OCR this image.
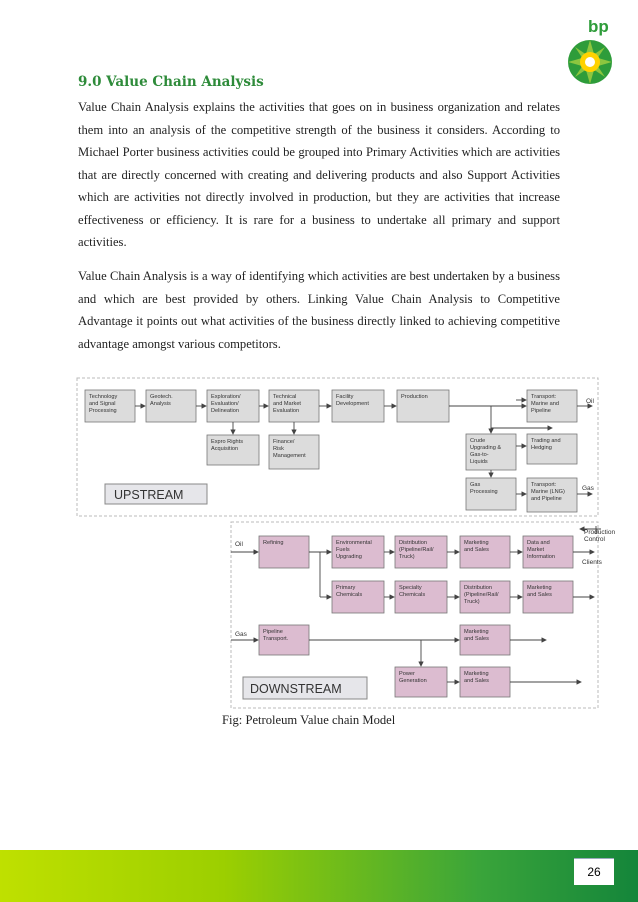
bp
9.0 Value Chain Analysis

Value Chain Analysis explains the activities that goes on in business organization and relates them into an analysis of the competitive strength of the business it considers. According to Michael Porter business activities could be grouped into Primary Activities which are activities that are directly concerned with creating and delivering products and also Support Activities which are activities not directly involved in production, but they are activities that increase effectiveness or efficiency. It is rare for a business to undertake all primary and support activities.

Value Chain Analysis is a way of identifying which activities are best undertaken by a business and which are best provided by others. Linking Value Chain Analysis to Competitive Advantage it points out what activities of the business directly linked to achieving competitive advantage amongst various competitors.

Technology and Signal Processing
Geotech. Analysis
Exploration/ Evaluation/ Delineation
Technical and Market Evaluation
Facility Development
Production	Transport: Marine and Pipeline
Expro Rights Acquisition
Finance/ Risk Management
Crude Upgrading & Gas-to-Liquids
Trading and Hedging
Gas Processing
Transport: Marine (LNG) and Pipeline
UPSTREAM
Oil
Gas
Oil
Gas
Refining	Environmental Fuels Upgrading
Distribution (Pipeline/Rail/ Truck)
Marketing and Sales
Data and Market Information
Primary Chemicals
Specialty Chemicals
Distribution (Pipeline/Rail/ Truck)
Marketing and Sales
Pipeline Transport.
Marketing and Sales
Power Generation
Marketing and Sales
DOWNSTREAM
Production Control
Clients
Fig: Petroleum Value chain Model
26
